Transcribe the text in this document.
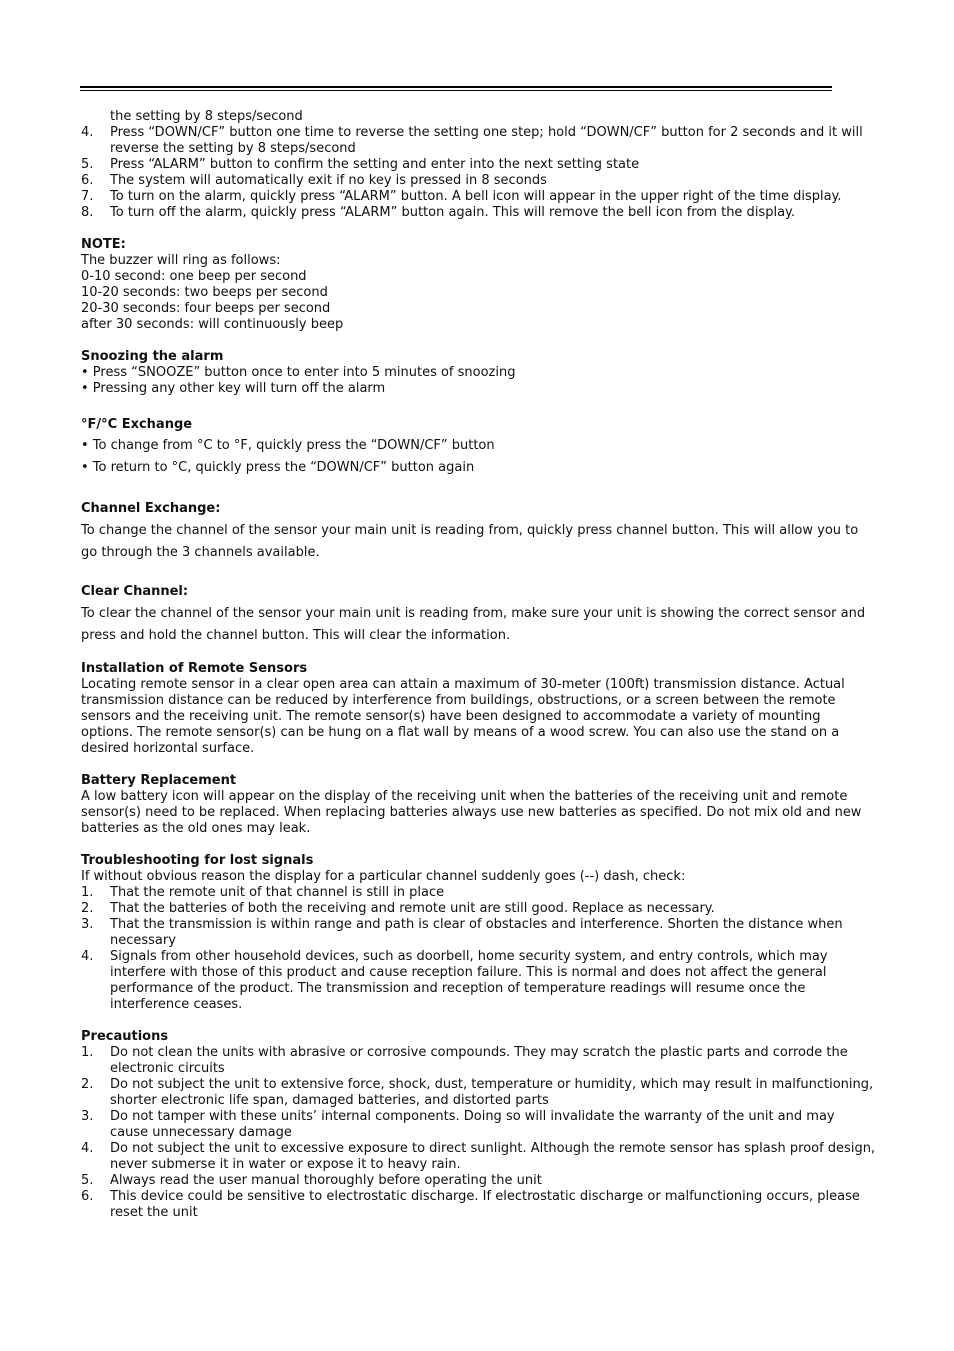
the setting by 8 steps/second
4.	Press “DOWN/CF” button one time to reverse the setting one step; hold “DOWN/CF” button for 2 seconds and it will reverse the setting by 8 steps/second
5.	Press “ALARM” button to confirm the setting and enter into the next setting state
6.	The system will automatically exit if no key is pressed in 8 seconds
7.	To turn on the alarm, quickly press “ALARM” button. A bell icon will appear in the upper right of the time display.
8.	To turn off the alarm, quickly press “ALARM” button again. This will remove the bell icon from the display.
NOTE:
The buzzer will ring as follows:
0-10 second: one beep per second
10-20 seconds: two beeps per second
20-30 seconds: four beeps per second
after 30 seconds: will continuously beep
Snoozing the alarm
• Press “SNOOZE” button once to enter into 5 minutes of snoozing
• Pressing any other key will turn off the alarm
°F/°C Exchange
• To change from °C to °F, quickly press the “DOWN/CF” button
• To return to °C, quickly press the “DOWN/CF” button again
Channel Exchange:
To change the channel of the sensor your main unit is reading from, quickly press channel button. This will allow you to go through the 3 channels available.
Clear Channel:
To clear the channel of the sensor your main unit is reading from, make sure your unit is showing the correct sensor and press and hold the channel button. This will clear the information.
Installation of Remote Sensors
Locating remote sensor in a clear open area can attain a maximum of 30-meter (100ft) transmission distance. Actual transmission distance can be reduced by interference from buildings, obstructions, or a screen between the remote sensors and the receiving unit. The remote sensor(s) have been designed to accommodate a variety of mounting options. The remote sensor(s) can be hung on a flat wall by means of a wood screw. You can also use the stand on a desired horizontal surface.
Battery Replacement
A low battery icon will appear on the display of the receiving unit when the batteries of the receiving unit and remote sensor(s) need to be replaced. When replacing batteries always use new batteries as specified. Do not mix old and new batteries as the old ones may leak.
Troubleshooting for lost signals
If without obvious reason the display for a particular channel suddenly goes (--) dash, check:
1.	That the remote unit of that channel is still in place
2.	That the batteries of both the receiving and remote unit are still good. Replace as necessary.
3.	That the transmission is within range and path is clear of obstacles and interference. Shorten the distance when necessary
4.	Signals from other household devices, such as doorbell, home security system, and entry controls, which may interfere with those of this product and cause reception failure. This is normal and does not affect the general performance of the product. The transmission and reception of temperature readings will resume once the interference ceases.
Precautions
1.	Do not clean the units with abrasive or corrosive compounds. They may scratch the plastic parts and corrode the electronic circuits
2.	Do not subject the unit to extensive force, shock, dust, temperature or humidity, which may result in malfunctioning, shorter electronic life span, damaged batteries, and distorted parts
3.	Do not tamper with these units’ internal components. Doing so will invalidate the warranty of the unit and may cause unnecessary damage
4.	Do not subject the unit to excessive exposure to direct sunlight. Although the remote sensor has splash proof design, never submerse it in water or expose it to heavy rain.
5.	Always read the user manual thoroughly before operating the unit
6.	This device could be sensitive to electrostatic discharge. If electrostatic discharge or malfunctioning occurs, please reset the unit
